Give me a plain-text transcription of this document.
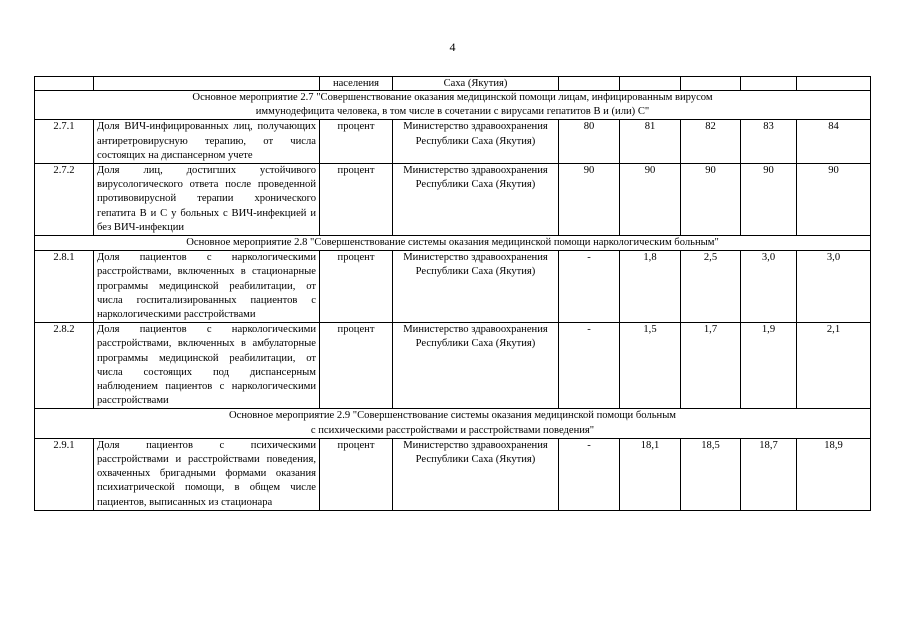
4
		населения	Саха (Якутия)					

Основное мероприятие 2.7 "Совершенствование оказания медицинской помощи лицам, инфицированным вирусом
иммунодефицита человека, в том числе в сочетании с вирусами гепатитов B и (или) C"								

2.7.1	Доля ВИЧ-инфицированных лиц, получающих антиретровирусную терапию, от числа состоящих на диспансерном учете	процент	Министерство здравоохранения Республики Саха (Якутия)	80	81	82	83	84
2.7.2	Доля лиц, достигших устойчивого вирусологического ответа после проведенной противовирусной терапии хронического гепатита B и C у больных с ВИЧ-инфекцией и без ВИЧ-инфекции	процент	Министерство здравоохранения Республики Саха (Якутия)	90	90	90	90	90

Основное мероприятие 2.8 "Совершенствование системы оказания медицинской помощи наркологическим больным"								

2.8.1	Доля пациентов с наркологическими расстройствами, включенных в стационарные программы медицинской реабилитации, от числа госпитализированных пациентов с наркологическими расстройствами	процент	Министерство здравоохранения Республики Саха (Якутия)	-	1,8	2,5	3,0	3,0
2.8.2	Доля пациентов с наркологическими расстройствами, включенных в амбулаторные программы медицинской реабилитации, от числа состоящих под диспансерным наблюдением пациентов с наркологическими расстройствами	процент	Министерство здравоохранения Республики Саха (Якутия)	-	1,5	1,7	1,9	2,1

Основное мероприятие 2.9 "Совершенствование системы оказания медицинской помощи больным
с психическими расстройствами и расстройствами поведения"								

2.9.1	Доля пациентов с психическими расстройствами и расстройствами поведения, охваченных бригадными формами оказания психиатрической помощи, в общем числе пациентов, выписанных из стационара	процент	Министерство здравоохранения Республики Саха (Якутия)	-	18,1	18,5	18,7	18,9
